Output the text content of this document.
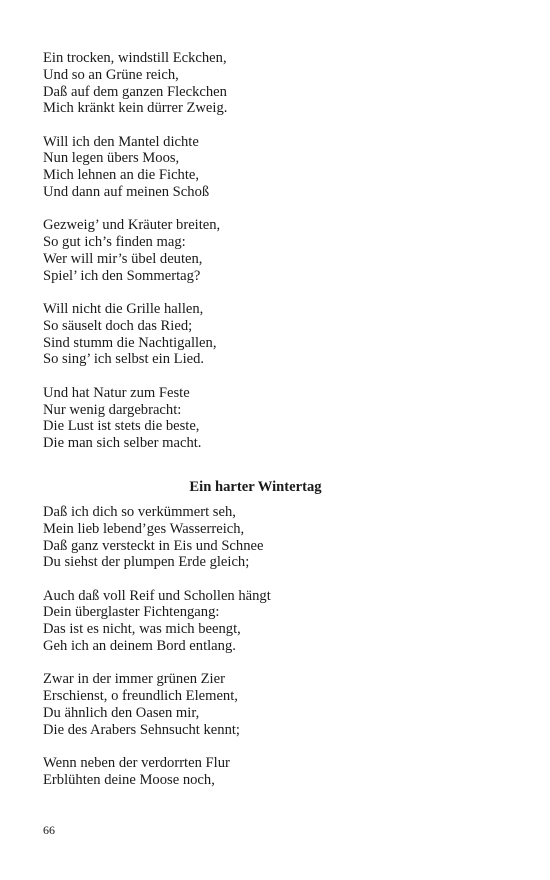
Ein trocken, windstill Eckchen,
Und so an Grüne reich,
Daß auf dem ganzen Fleckchen
Mich kränkt kein dürrer Zweig.
Will ich den Mantel dichte
Nun legen übers Moos,
Mich lehnen an die Fichte,
Und dann auf meinen Schoß
Gezweig’ und Kräuter breiten,
So gut ich’s finden mag:
Wer will mir’s übel deuten,
Spiel’ ich den Sommertag?
Will nicht die Grille hallen,
So säuselt doch das Ried;
Sind stumm die Nachtigallen,
So sing’ ich selbst ein Lied.
Und hat Natur zum Feste
Nur wenig dargebracht:
Die Lust ist stets die beste,
Die man sich selber macht.
Ein harter Wintertag
Daß ich dich so verkümmert seh,
Mein lieb lebend’ges Wasserreich,
Daß ganz versteckt in Eis und Schnee
Du siehst der plumpen Erde gleich;
Auch daß voll Reif und Schollen hängt
Dein überglaster Fichtengang:
Das ist es nicht, was mich beengt,
Geh ich an deinem Bord entlang.
Zwar in der immer grünen Zier
Erschienst, o freundlich Element,
Du ähnlich den Oasen mir,
Die des Arabers Sehnsucht kennt;
Wenn neben der verdorrten Flur
Erblühten deine Moose noch,
66
